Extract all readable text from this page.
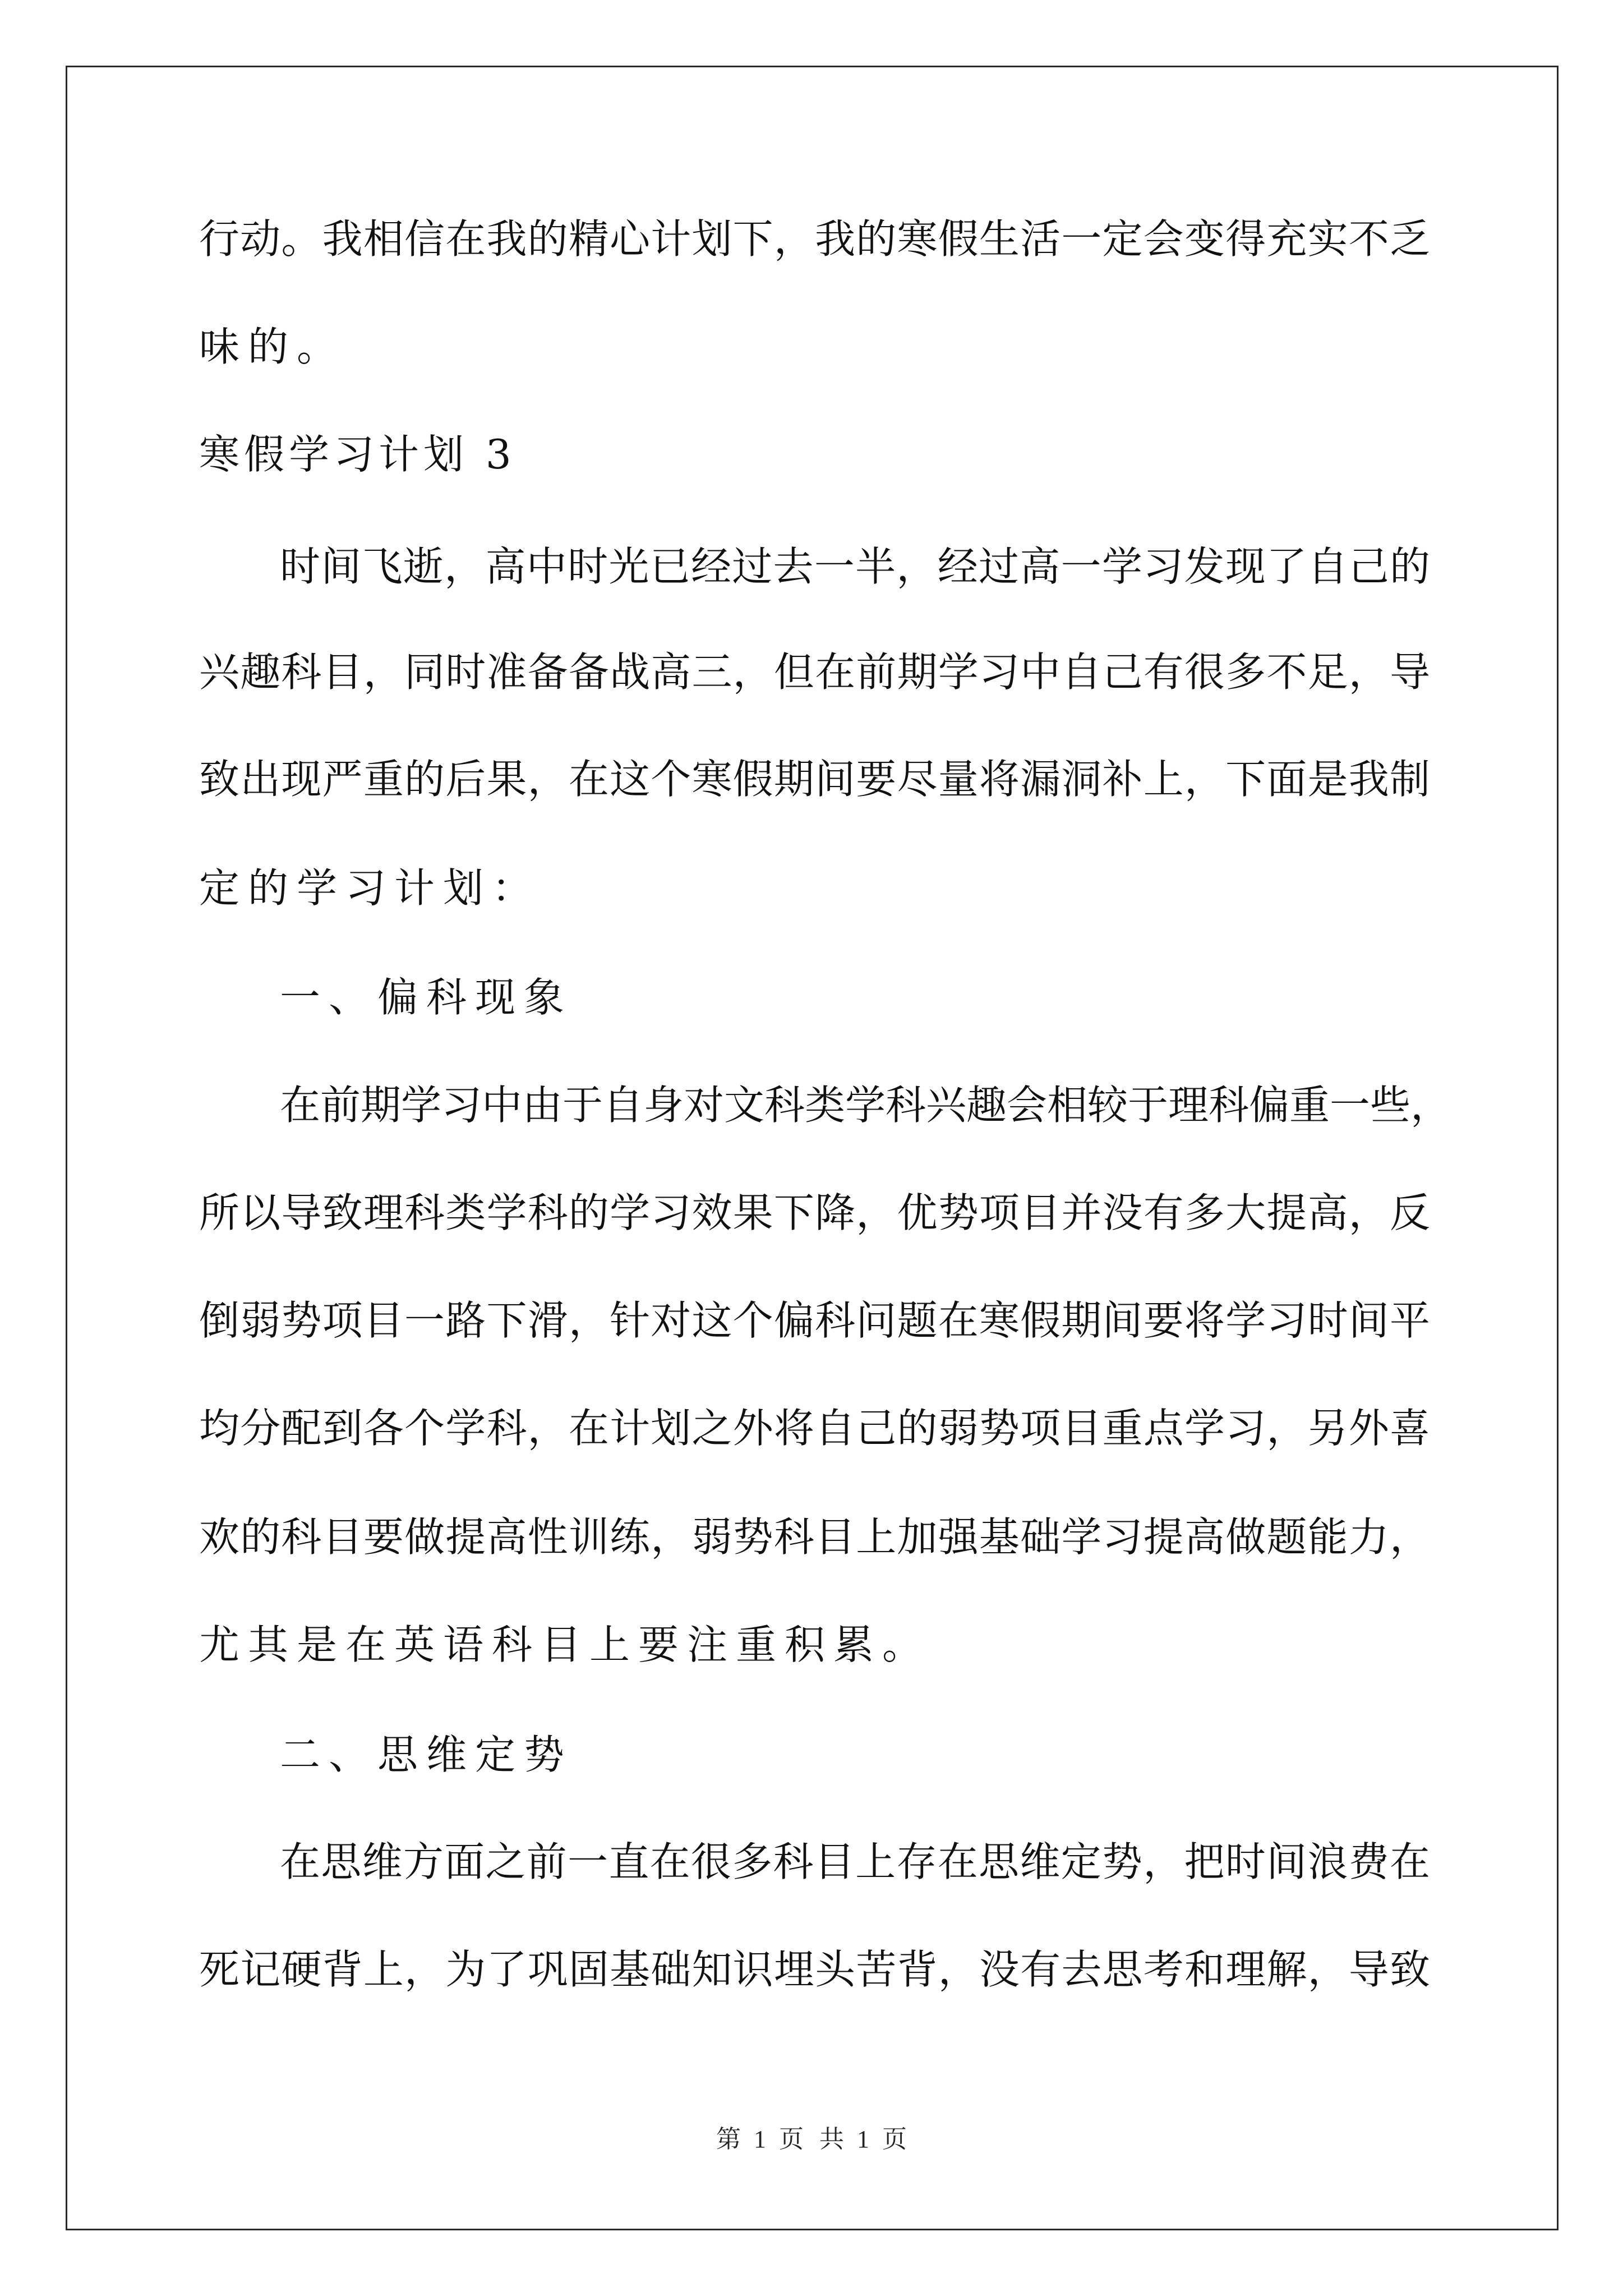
行动。我相信在我的精心计划下，我的寒假生活一定会变得充实不乏
味的。
寒假学习计划 3
时间飞逝，高中时光已经过去一半，经过高一学习发现了自己的
兴趣科目，同时准备备战高三，但在前期学习中自己有很多不足，导
致出现严重的后果，在这个寒假期间要尽量将漏洞补上，下面是我制
定的学习计划：
一、偏科现象
在前期学习中由于自身对文科类学科兴趣会相较于理科偏重一些，
所以导致理科类学科的学习效果下降，优势项目并没有多大提高，反
倒弱势项目一路下滑，针对这个偏科问题在寒假期间要将学习时间平
均分配到各个学科，在计划之外将自己的弱势项目重点学习，另外喜
欢的科目要做提高性训练，弱势科目上加强基础学习提高做题能力，
尤其是在英语科目上要注重积累。
二、思维定势
在思维方面之前一直在很多科目上存在思维定势，把时间浪费在
死记硬背上，为了巩固基础知识埋头苦背，没有去思考和理解，导致
第 1 页 共 1 页
